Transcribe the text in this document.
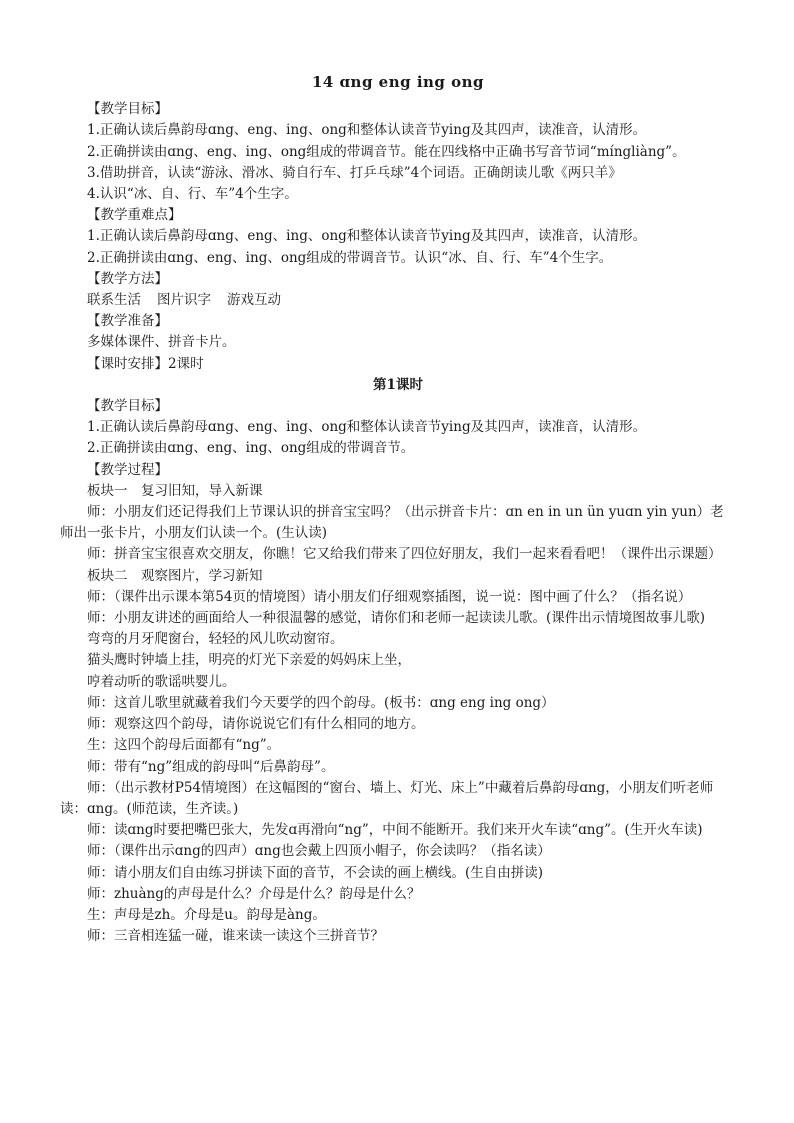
14 ɑng eng ing ong
【教学目标】
1.正确认读后鼻韵母ɑng、eng、ing、ong和整体认读音节ying及其四声，读准音，认清形。
2.正确拼读由ɑng、eng、ing、ong组成的带调音节。能在四线格中正确书写音节词“míngliàng”。
3.借助拼音，认读“游泳、滑冰、骑自行车、打乒乓球”4个词语。正确朗读儿歌《两只羊》
4.认识“冰、自、行、车”4个生字。
【教学重难点】
1.正确认读后鼻韵母ɑng、eng、ing、ong和整体认读音节ying及其四声，读准音，认清形。
2.正确拼读由ɑng、eng、ing、ong组成的带调音节。认识“冰、自、行、车”4个生字。
【教学方法】
联系生活 图片识字 游戏互动
【教学准备】
多媒体课件、拼音卡片。
【课时安排】2课时
第1课时
【教学目标】
1.正确认读后鼻韵母ɑng、eng、ing、ong和整体认读音节ying及其四声，读准音，认清形。
2.正确拼读由ɑng、eng、ing、ong组成的带调音节。
【教学过程】
板块一　复习旧知，导入新课
师：小朋友们还记得我们上节课认识的拼音宝宝吗？（出示拼音卡片：ɑn en in un ün yuɑn yin yun）老师出一张卡片，小朋友们认读一个。(生认读)
师：拼音宝宝很喜欢交朋友，你瞧！它又给我们带来了四位好朋友，我们一起来看看吧！（课件出示课题）
板块二　观察图片，学习新知
师：（课件出示课本第54页的情境图）请小朋友们仔细观察插图，说一说：图中画了什么？（指名说）
师：小朋友讲述的画面给人一种很温馨的感觉，请你们和老师一起读读儿歌。(课件出示情境图故事儿歌)
弯弯的月牙爬窗台，轻轻的风儿吹动窗帘。
猫头鹰时钟墙上挂，明亮的灯光下亲爱的妈妈床上坐，
哼着动听的歌谣哄婴儿。
师：这首儿歌里就藏着我们今天要学的四个韵母。(板书：ɑng eng ing ong）
师：观察这四个韵母，请你说说它们有什么相同的地方。
生：这四个韵母后面都有“ng”。
师：带有“ng”组成的韵母叫“后鼻韵母”。
师：（出示教材P54情境图）在这幅图的“窗台、墙上、灯光、床上”中藏着后鼻韵母ɑng，小朋友们听老师读：ɑng。(师范读，生齐读。)
师：读ɑng时要把嘴巴张大，先发ɑ再滑向“ng”，中间不能断开。我们来开火车读“ɑng”。(生开火车读)
师：（课件出示ɑng的四声）ɑng也会戴上四顶小帽子，你会读吗？（指名读）
师：请小朋友们自由练习拼读下面的音节，不会读的画上横线。(生自由拼读)
师：zhuàng的声母是什么？介母是什么？韵母是什么？
生：声母是zh。介母是u。韵母是àng。
师：三音相连猛一碰，谁来读一读这个三拼音节？
